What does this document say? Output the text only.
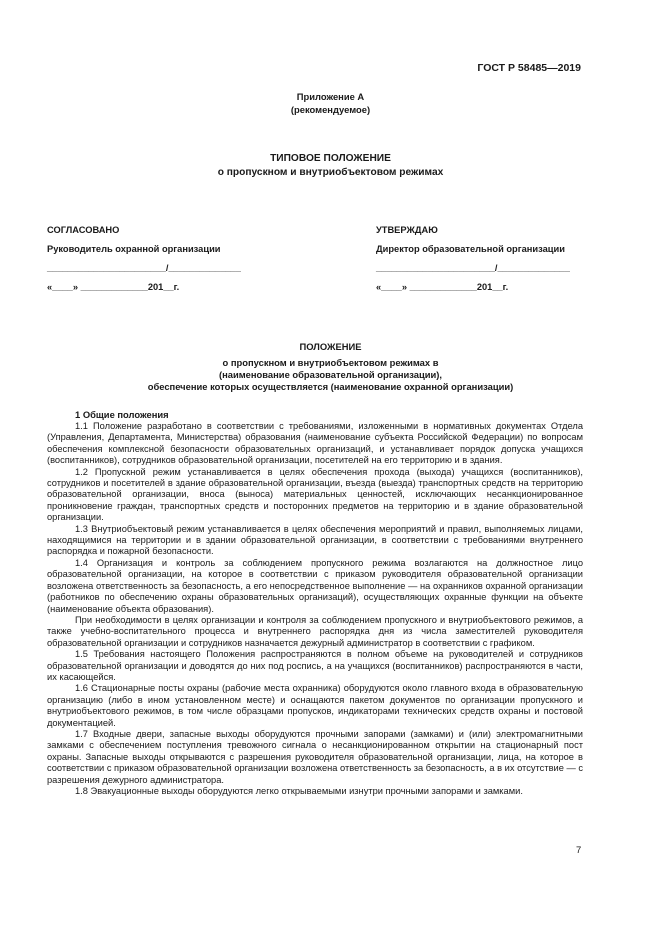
ГОСТ Р 58485—2019
Приложение А
(рекомендуемое)
ТИПОВОЕ ПОЛОЖЕНИЕ
о пропускном и внутриобъектовом режимах
СОГЛАСОВАНО
Руководитель охранной организации
_______________________/______________
«____» _____________201__г.
УТВЕРЖДАЮ
Директор образовательной организации
_______________________/______________
«____» _____________201__г.
ПОЛОЖЕНИЕ
о пропускном и внутриобъектовом режимах в
(наименование образовательной организации),
обеспечение которых осуществляется (наименование охранной организации)
1 Общие положения

1.1 Положение разработано в соответствии с требованиями, изложенными в нормативных документах Отдела (Управления, Департамента, Министерства) образования (наименование субъекта Российской Федерации) по вопросам обеспечения комплексной безопасности образовательных организаций, и устанавливает порядок допуска учащихся (воспитанников), сотрудников образовательной организации, посетителей на его территорию и в здания.

1.2 Пропускной режим устанавливается в целях обеспечения прохода (выхода) учащихся (воспитанников), сотрудников и посетителей в здание образовательной организации, въезда (выезда) транспортных средств на территорию образовательной организации, вноса (выноса) материальных ценностей, исключающих несанкционированное проникновение граждан, транспортных средств и посторонних предметов на территорию и в здание образовательной организации.

1.3 Внутриобъектовый режим устанавливается в целях обеспечения мероприятий и правил, выполняемых лицами, находящимися на территории и в здании образовательной организации, в соответствии с требованиями внутреннего распорядка и пожарной безопасности.

1.4 Организация и контроль за соблюдением пропускного режима возлагаются на должностное лицо образовательной организации, на которое в соответствии с приказом руководителя образовательной организации возложена ответственность за безопасность, а его непосредственное выполнение — на охранников охранной организации (работников по обеспечению охраны образовательных организаций), осуществляющих охранные функции на объекте (наименование объекта образования).

При необходимости в целях организации и контроля за соблюдением пропускного и внутриобъектового режимов, а также учебно-воспитательного процесса и внутреннего распорядка дня из числа заместителей руководителя образовательной организации и сотрудников назначается дежурный администратор в соответствии с графиком.

1.5 Требования настоящего Положения распространяются в полном объеме на руководителей и сотрудников образовательной организации и доводятся до них под роспись, а на учащихся (воспитанников) распространяются в части, их касающейся.

1.6 Стационарные посты охраны (рабочие места охранника) оборудуются около главного входа в образовательную организацию (либо в ином установленном месте) и оснащаются пакетом документов по организации пропускного и внутриобъектового режимов, в том числе образцами пропусков, индикаторами технических средств охраны и постовой документацией.

1.7 Входные двери, запасные выходы оборудуются прочными запорами (замками) и (или) электромагнитными замками с обеспечением поступления тревожного сигнала о несанкционированном открытии на стационарный пост охраны. Запасные выходы открываются с разрешения руководителя образовательной организации, лица, на которое в соответствии с приказом образовательной организации возложена ответственность за безопасность, а в их отсутствие — с разрешения дежурного администратора.

1.8 Эвакуационные выходы оборудуются легко открываемыми изнутри прочными запорами и замками.

7
